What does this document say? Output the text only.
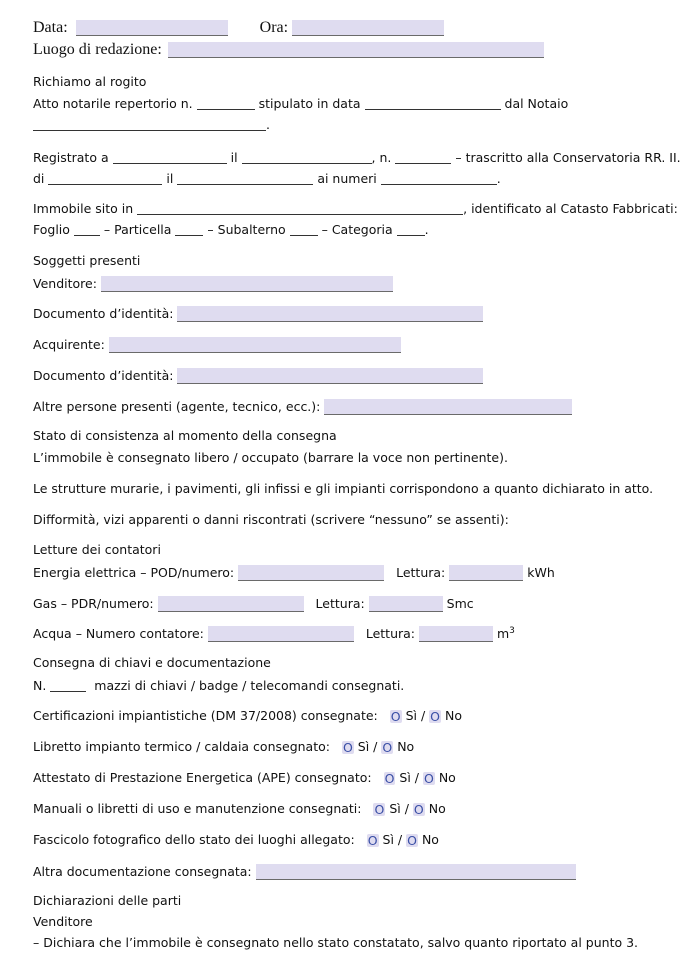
Data:	Ora:
Luogo di redazione:
Richiamo al rogito
Atto notarile repertorio n.	stipulato in data	dal Notaio
.
Registrato a	il	, n.	– trascritto alla Conservatoria RR. II.
di	il	ai numeri	.
Immobile sito in	, identificato al Catasto Fabbricati:
Foglio	– Particella	– Subalterno	– Categoria	.
Soggetti presenti
Venditore:
Documento d’identità:
Acquirente:
Documento d’identità:
Altre persone presenti (agente, tecnico, ecc.):
Stato di consistenza al momento della consegna
L’immobile è consegnato libero / occupato (barrare la voce non pertinente).
Le strutture murarie, i pavimenti, gli infissi e gli impianti corrispondono a quanto dichiarato in atto.
Difformità, vizi apparenti o danni riscontrati (scrivere “nessuno” se assenti):
Letture dei contatori
Energia elettrica – POD/numero:	Lettura:	kWh
Gas – PDR/numero:	Lettura:	Smc
Acqua – Numero contatore:	Lettura:	$m^3$
Consegna di chiavi e documentazione
N.	mazzi di chiavi / badge / telecomandi consegnati.
Certificazioni impiantistiche (DM 37/2008) consegnate: O Sì / O No
Libretto impianto termico / caldaia consegnato: O Sì / O No
Attestato di Prestazione Energetica (APE) consegnato: O Sì / O No
Manuali o libretti di uso e manutenzione consegnati: O Sì / O No
Fascicolo fotografico dello stato dei luoghi allegato: O Sì / O No
Altra documentazione consegnata:
Dichiarazioni delle parti
Venditore
– Dichiara che l’immobile è consegnato nello stato constatato, salvo quanto riportato al punto 3.
